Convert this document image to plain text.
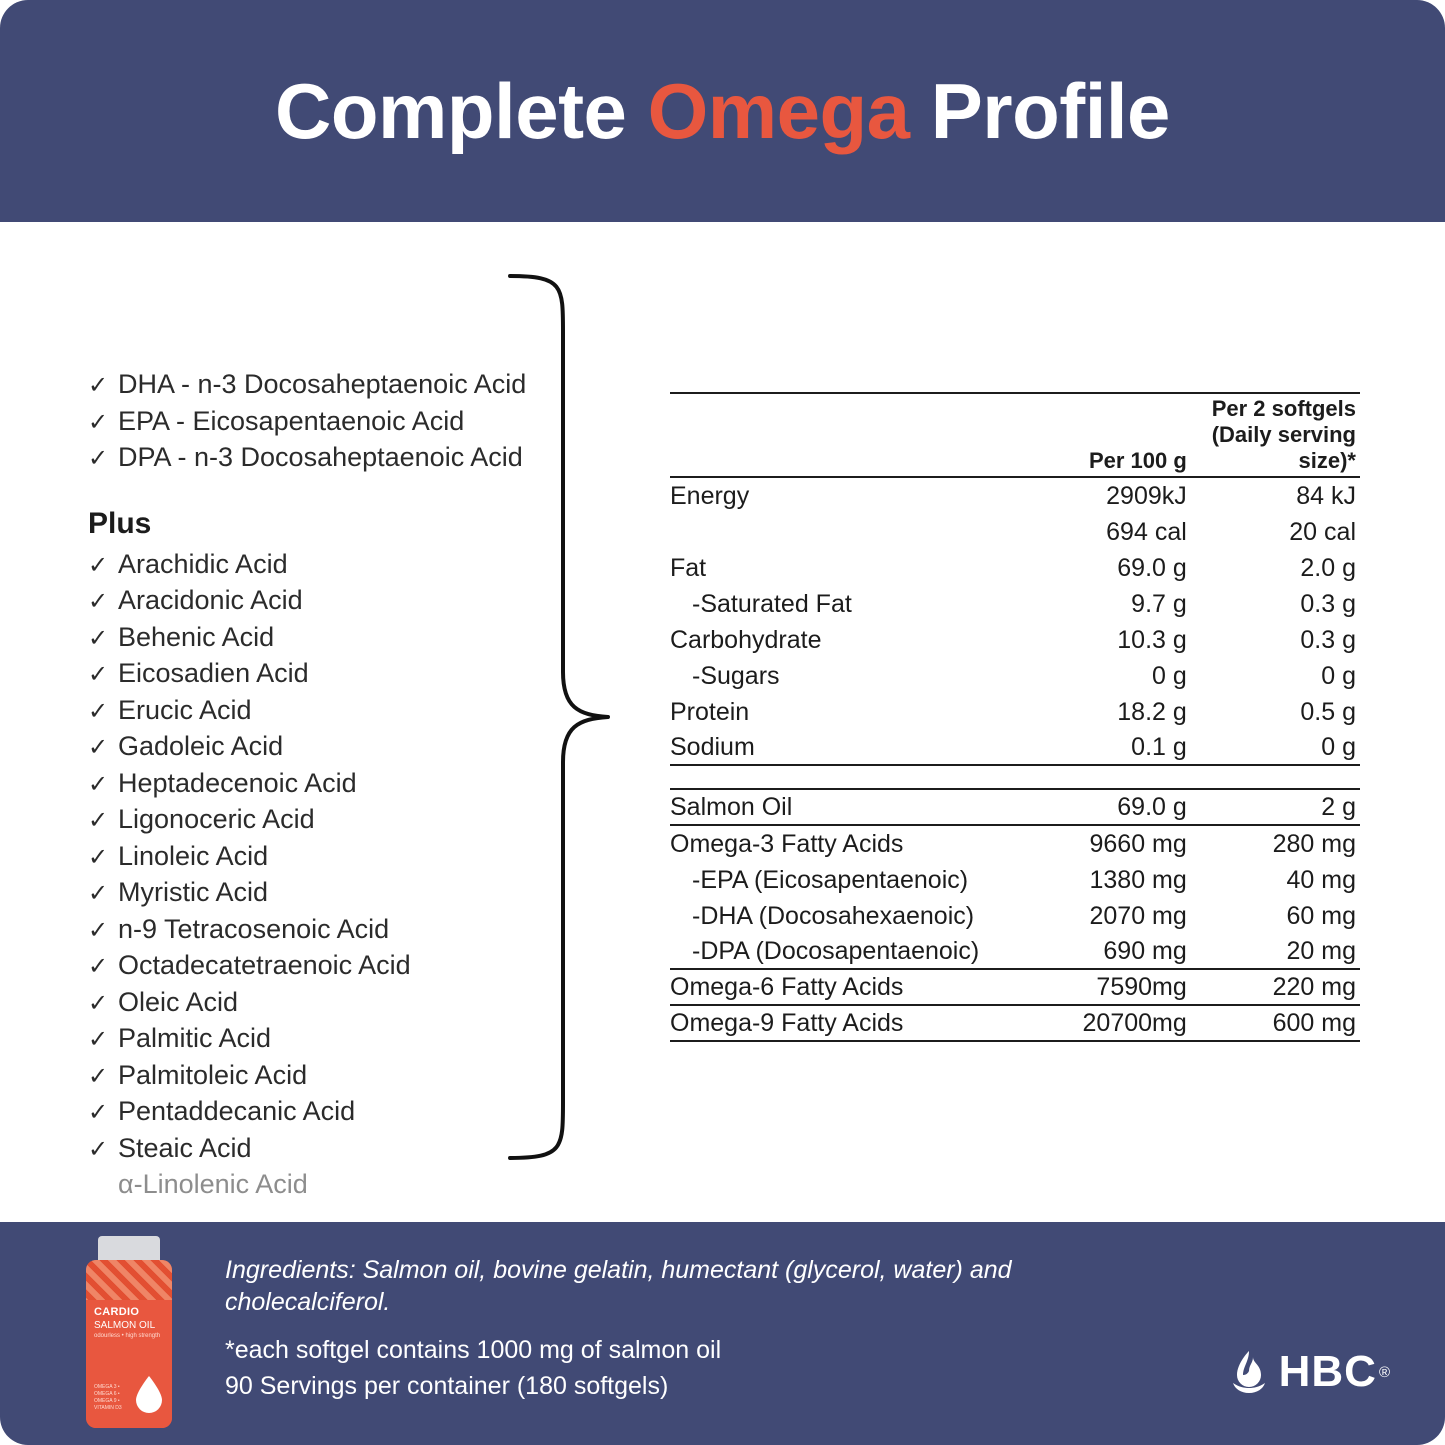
Complete Omega Profile
✓ DHA - n-3 Docosaheptaenoic Acid
✓ EPA - Eicosapentaenoic Acid
✓ DPA - n-3 Docosaheptaenoic Acid
Plus
✓ Arachidic Acid
✓ Aracidonic Acid
✓ Behenic Acid
✓ Eicosadien Acid
✓ Erucic Acid
✓ Gadoleic Acid
✓ Heptadecenoic Acid
✓ Ligonoceric Acid
✓ Linoleic Acid
✓ Myristic Acid
✓ n-9 Tetracosenoic Acid
✓ Octadecatetraenoic Acid
✓ Oleic Acid
✓ Palmitic Acid
✓ Palmitoleic Acid
✓ Pentaddecanic Acid
✓ Steaic Acid
α-Linolenic Acid
	Per 100 g	Per 2 softgels
(Daily serving size)*

Energy	2909kJ	84 kJ
	694 cal	20 cal
Fat	69.0 g	2.0 g
-Saturated Fat	9.7 g	0.3 g
Carbohydrate	10.3 g	0.3 g
-Sugars	0 g	0 g
Protein	18.2 g	0.5 g
Sodium	0.1 g	0 g

Salmon Oil	69.0 g	2 g
Omega-3 Fatty Acids	9660 mg	280 mg
-EPA (Eicosapentaenoic)	1380 mg	40 mg
-DHA (Docosahexaenoic)	2070 mg	60 mg
-DPA (Docosapentaenoic)	690 mg	20 mg
Omega-6 Fatty Acids	7590mg	220 mg
Omega-9 Fatty Acids	20700mg	600 mg
CARDIO
SALMON OIL
odourless • high strength
OMEGA 3 • OMEGA 6 • OMEGA 9 • VITAMIN D3

Ingredients: Salmon oil, bovine gelatin, humectant (glycerol, water) and cholecalciferol.

*each softgel contains 1000 mg of salmon oil

90 Servings per container (180 softgels)	HBC ®
